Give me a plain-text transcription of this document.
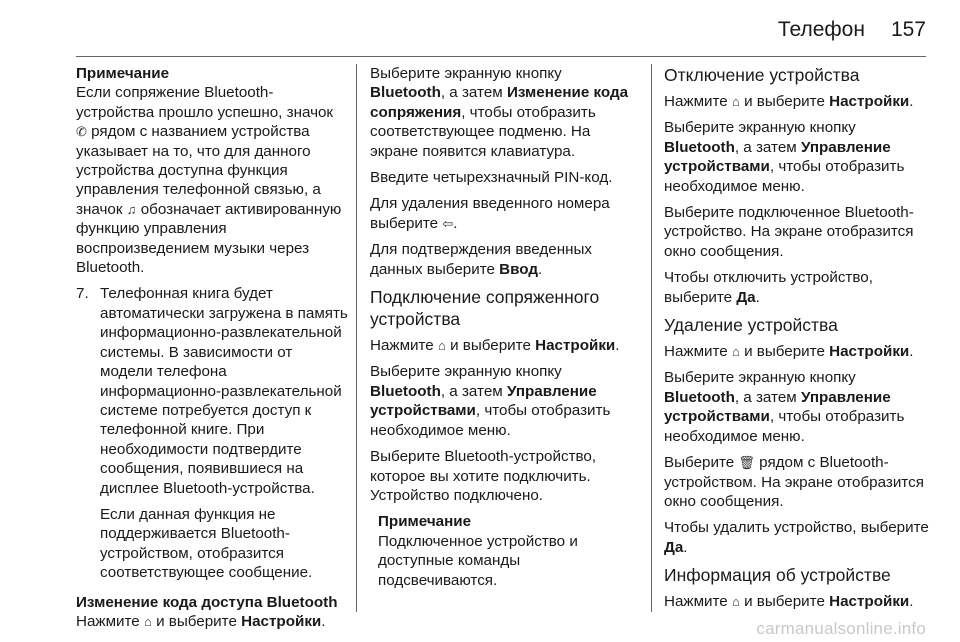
Телефон 157

Примечание

Если сопряжение Bluetooth-устройства прошло успешно, значок ✆ рядом с названием устройства указывает на то, что для данного устройства доступна функция управления телефонной связью, а значок ♫ обозначает активированную функцию управления воспроизведением музыки через Bluetooth.

7. Телефонная книга будет автоматически загружена в память информационно-развлекательной системы. В зависимости от модели телефона информационно-развлекательной системе потребуется доступ к телефонной книге. При необходимости подтвердите сообщения, появившиеся на дисплее Bluetooth-устройства.

Если данная функция не поддерживается Bluetooth-устройством, отобразится соответствующее сообщение.

Изменение кода доступа Bluetooth

Нажмите ⌂ и выберите Настройки.

Выберите экранную кнопку Bluetooth, а затем Изменение кода сопряжения, чтобы отобразить соответствующее подменю. На экране появится клавиатура.

Введите четырехзначный PIN-код.

Для удаления введенного номера выберите ⇦.

Для подтверждения введенных данных выберите Ввод.

Подключение сопряженного устройства

Нажмите ⌂ и выберите Настройки.

Выберите экранную кнопку Bluetooth, а затем Управление устройствами, чтобы отобразить необходимое меню.

Выберите Bluetooth-устройство, которое вы хотите подключить. Устройство подключено.

Примечание

Подключенное устройство и доступные команды подсвечиваются.

Отключение устройства

Нажмите ⌂ и выберите Настройки.

Выберите экранную кнопку Bluetooth, а затем Управление устройствами, чтобы отобразить необходимое меню.

Выберите подключенное Bluetooth-устройство. На экране отобразится окно сообщения.

Чтобы отключить устройство, выберите Да.

Удаление устройства

Нажмите ⌂ и выберите Настройки.

Выберите экранную кнопку Bluetooth, а затем Управление устройствами, чтобы отобразить необходимое меню.

Выберите 🗑 рядом с Bluetooth-устройством. На экране отобразится окно сообщения.

Чтобы удалить устройство, выберите Да.

Информация об устройстве

Нажмите ⌂ и выберите Настройки.

carmanualsonline.info
